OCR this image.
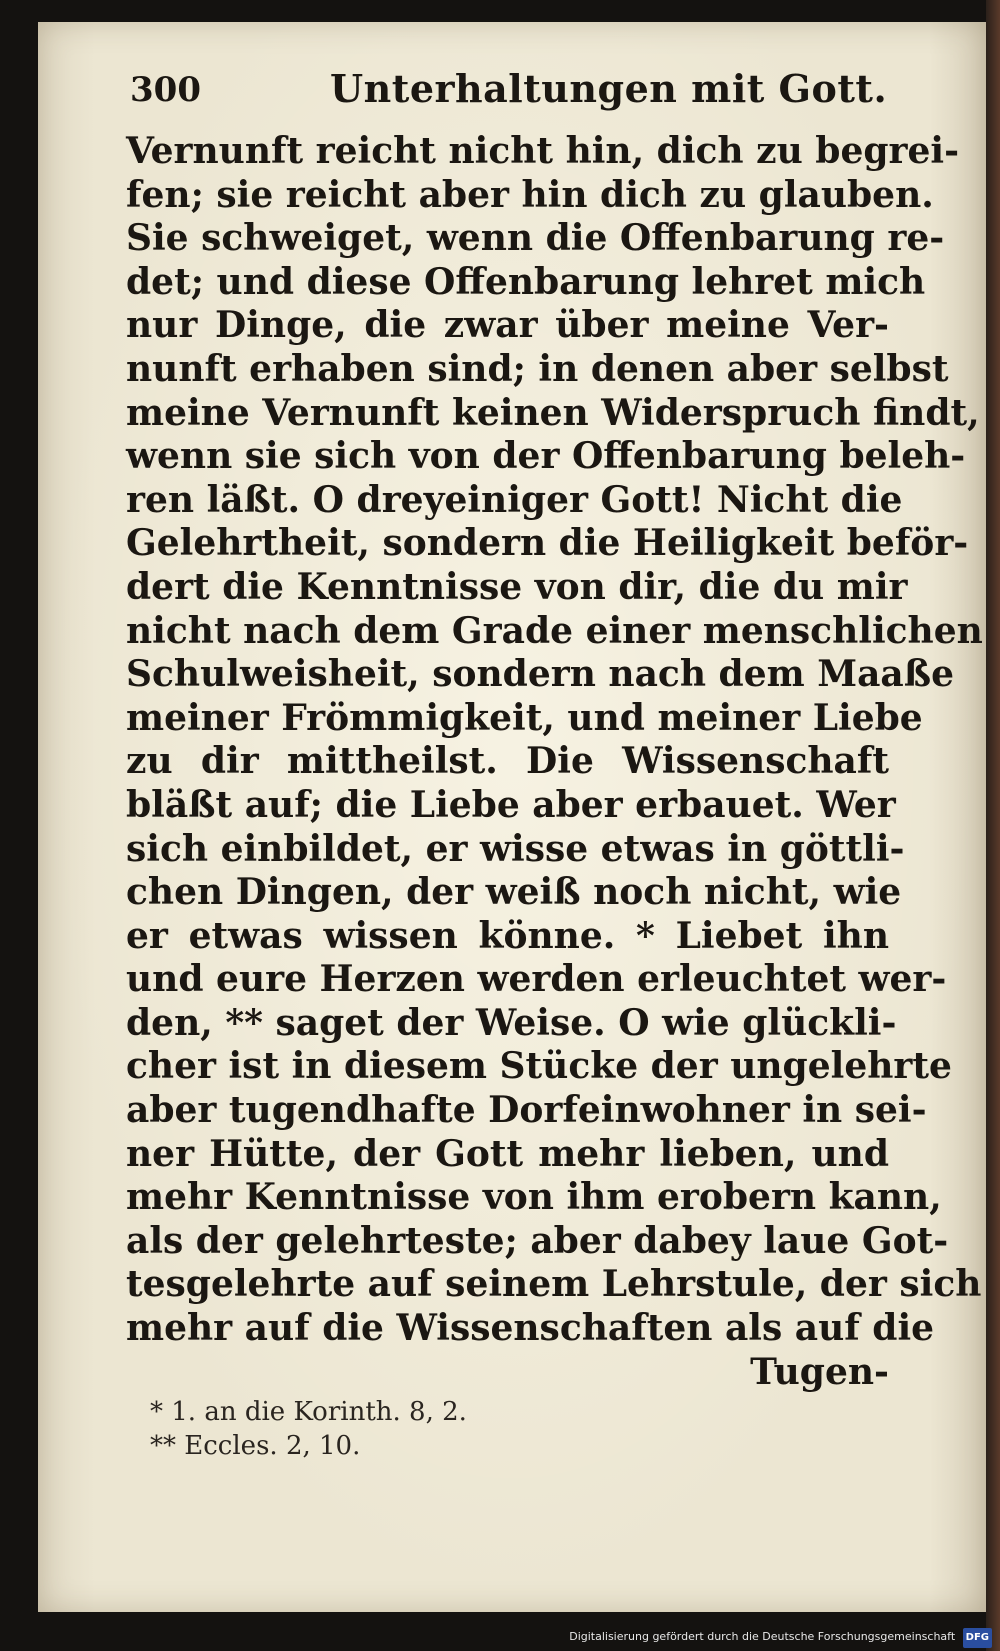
300	Unterhaltungen mit Gott.
Vernunft reicht nicht hin, dich zu begrei-
fen; sie reicht aber hin dich zu glauben.
Sie schweiget, wenn die Offenbarung re-
det; und diese Offenbarung lehret mich
nur Dinge, die zwar über meine Ver-
nunft erhaben sind; in denen aber selbst
meine Vernunft keinen Widerspruch findt,
wenn sie sich von der Offenbarung beleh-
ren läßt. O dreyeiniger Gott! Nicht die
Gelehrtheit, sondern die Heiligkeit beför-
dert die Kenntnisse von dir, die du mir
nicht nach dem Grade einer menschlichen
Schulweisheit, sondern nach dem Maaße
meiner Frömmigkeit, und meiner Liebe
zu dir mittheilst. Die Wissenschaft
bläßt auf; die Liebe aber erbauet. Wer
sich einbildet, er wisse etwas in göttli-
chen Dingen, der weiß noch nicht, wie
er etwas wissen könne. * Liebet ihn
und eure Herzen werden erleuchtet wer-
den, ** saget der Weise. O wie glückli-
cher ist in diesem Stücke der ungelehrte
aber tugendhafte Dorfeinwohner in sei-
ner Hütte, der Gott mehr lieben, und
mehr Kenntnisse von ihm erobern kann,
als der gelehrteste; aber dabey laue Got-
tesgelehrte auf seinem Lehrstule, der sich
mehr auf die Wissenschaften als auf die
Tugen-
* 1. an die Korinth. 8, 2.
** Eccles. 2, 10.
Digitalisierung gefördert durch die Deutsche Forschungsgemeinschaft DFG
